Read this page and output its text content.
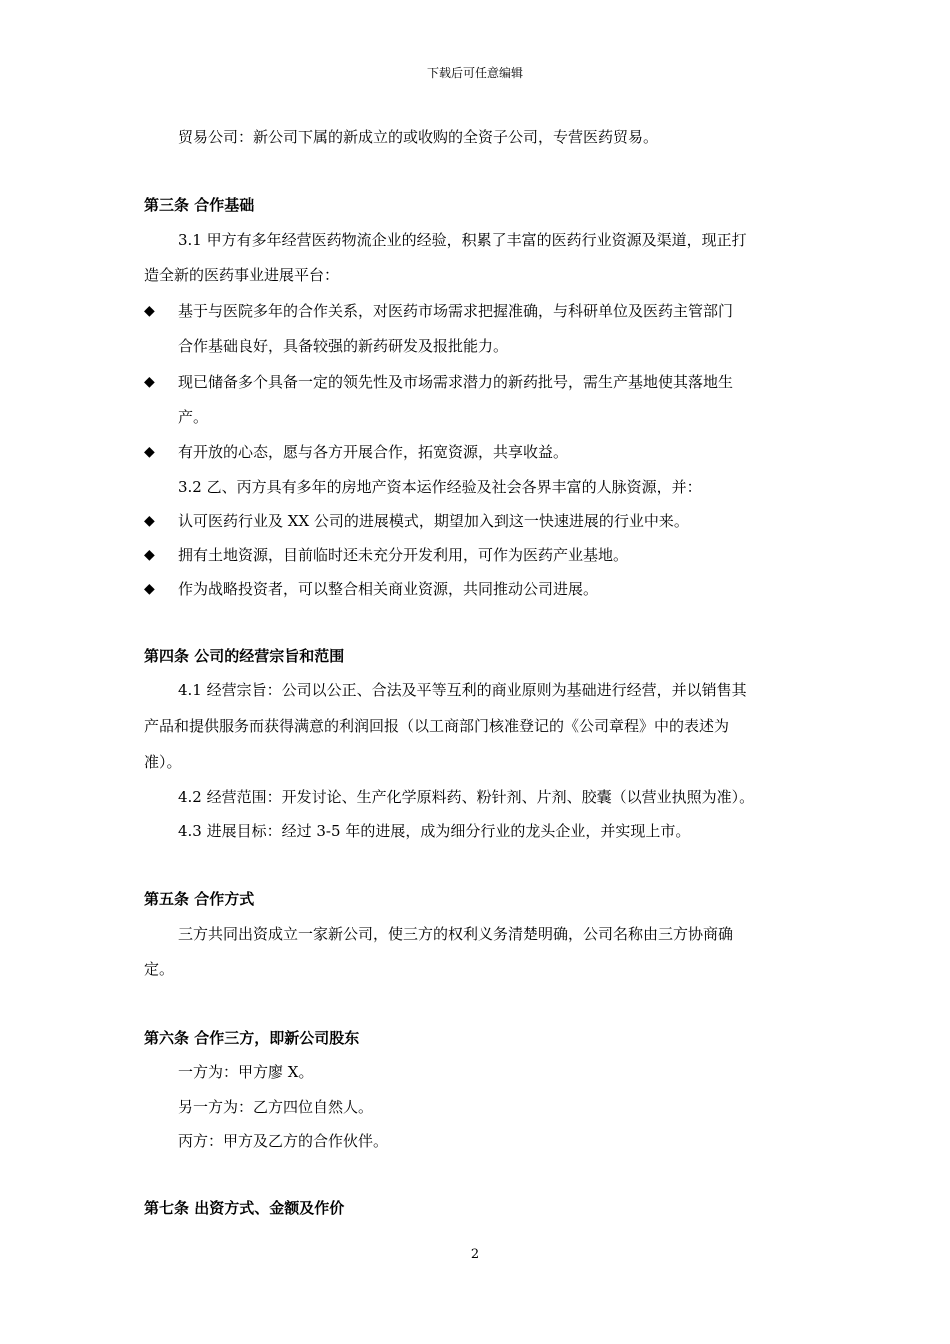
下载后可任意编辑
贸易公司：新公司下属的新成立的或收购的全资子公司，专营医药贸易。
第三条 合作基础
3.1 甲方有多年经营医药物流企业的经验，积累了丰富的医药行业资源及渠道，现正打
造全新的医药事业进展平台：
◆ 基于与医院多年的合作关系，对医药市场需求把握准确，与科研单位及医药主管部门
合作基础良好，具备较强的新药研发及报批能力。
◆ 现已储备多个具备一定的领先性及市场需求潜力的新药批号，需生产基地使其落地生
产。
◆ 有开放的心态，愿与各方开展合作，拓宽资源，共享收益。
3.2 乙、丙方具有多年的房地产资本运作经验及社会各界丰富的人脉资源，并：
◆ 认可医药行业及 XX 公司的进展模式，期望加入到这一快速进展的行业中来。
◆ 拥有土地资源，目前临时还未充分开发利用，可作为医药产业基地。
◆ 作为战略投资者，可以整合相关商业资源，共同推动公司进展。
第四条 公司的经营宗旨和范围
4.1 经营宗旨：公司以公正、合法及平等互利的商业原则为基础进行经营，并以销售其
产品和提供服务而获得满意的利润回报（以工商部门核准登记的《公司章程》中的表述为
准）。
4.2 经营范围：开发讨论、生产化学原料药、粉针剂、片剂、胶囊（以营业执照为准）。
4.3 进展目标：经过 3-5 年的进展，成为细分行业的龙头企业，并实现上市。
第五条 合作方式
三方共同出资成立一家新公司，使三方的权利义务清楚明确，公司名称由三方协商确
定。
第六条 合作三方，即新公司股东
一方为：甲方廖 X。
另一方为：乙方四位自然人。
丙方：甲方及乙方的合作伙伴。
第七条 出资方式、金额及作价
2
